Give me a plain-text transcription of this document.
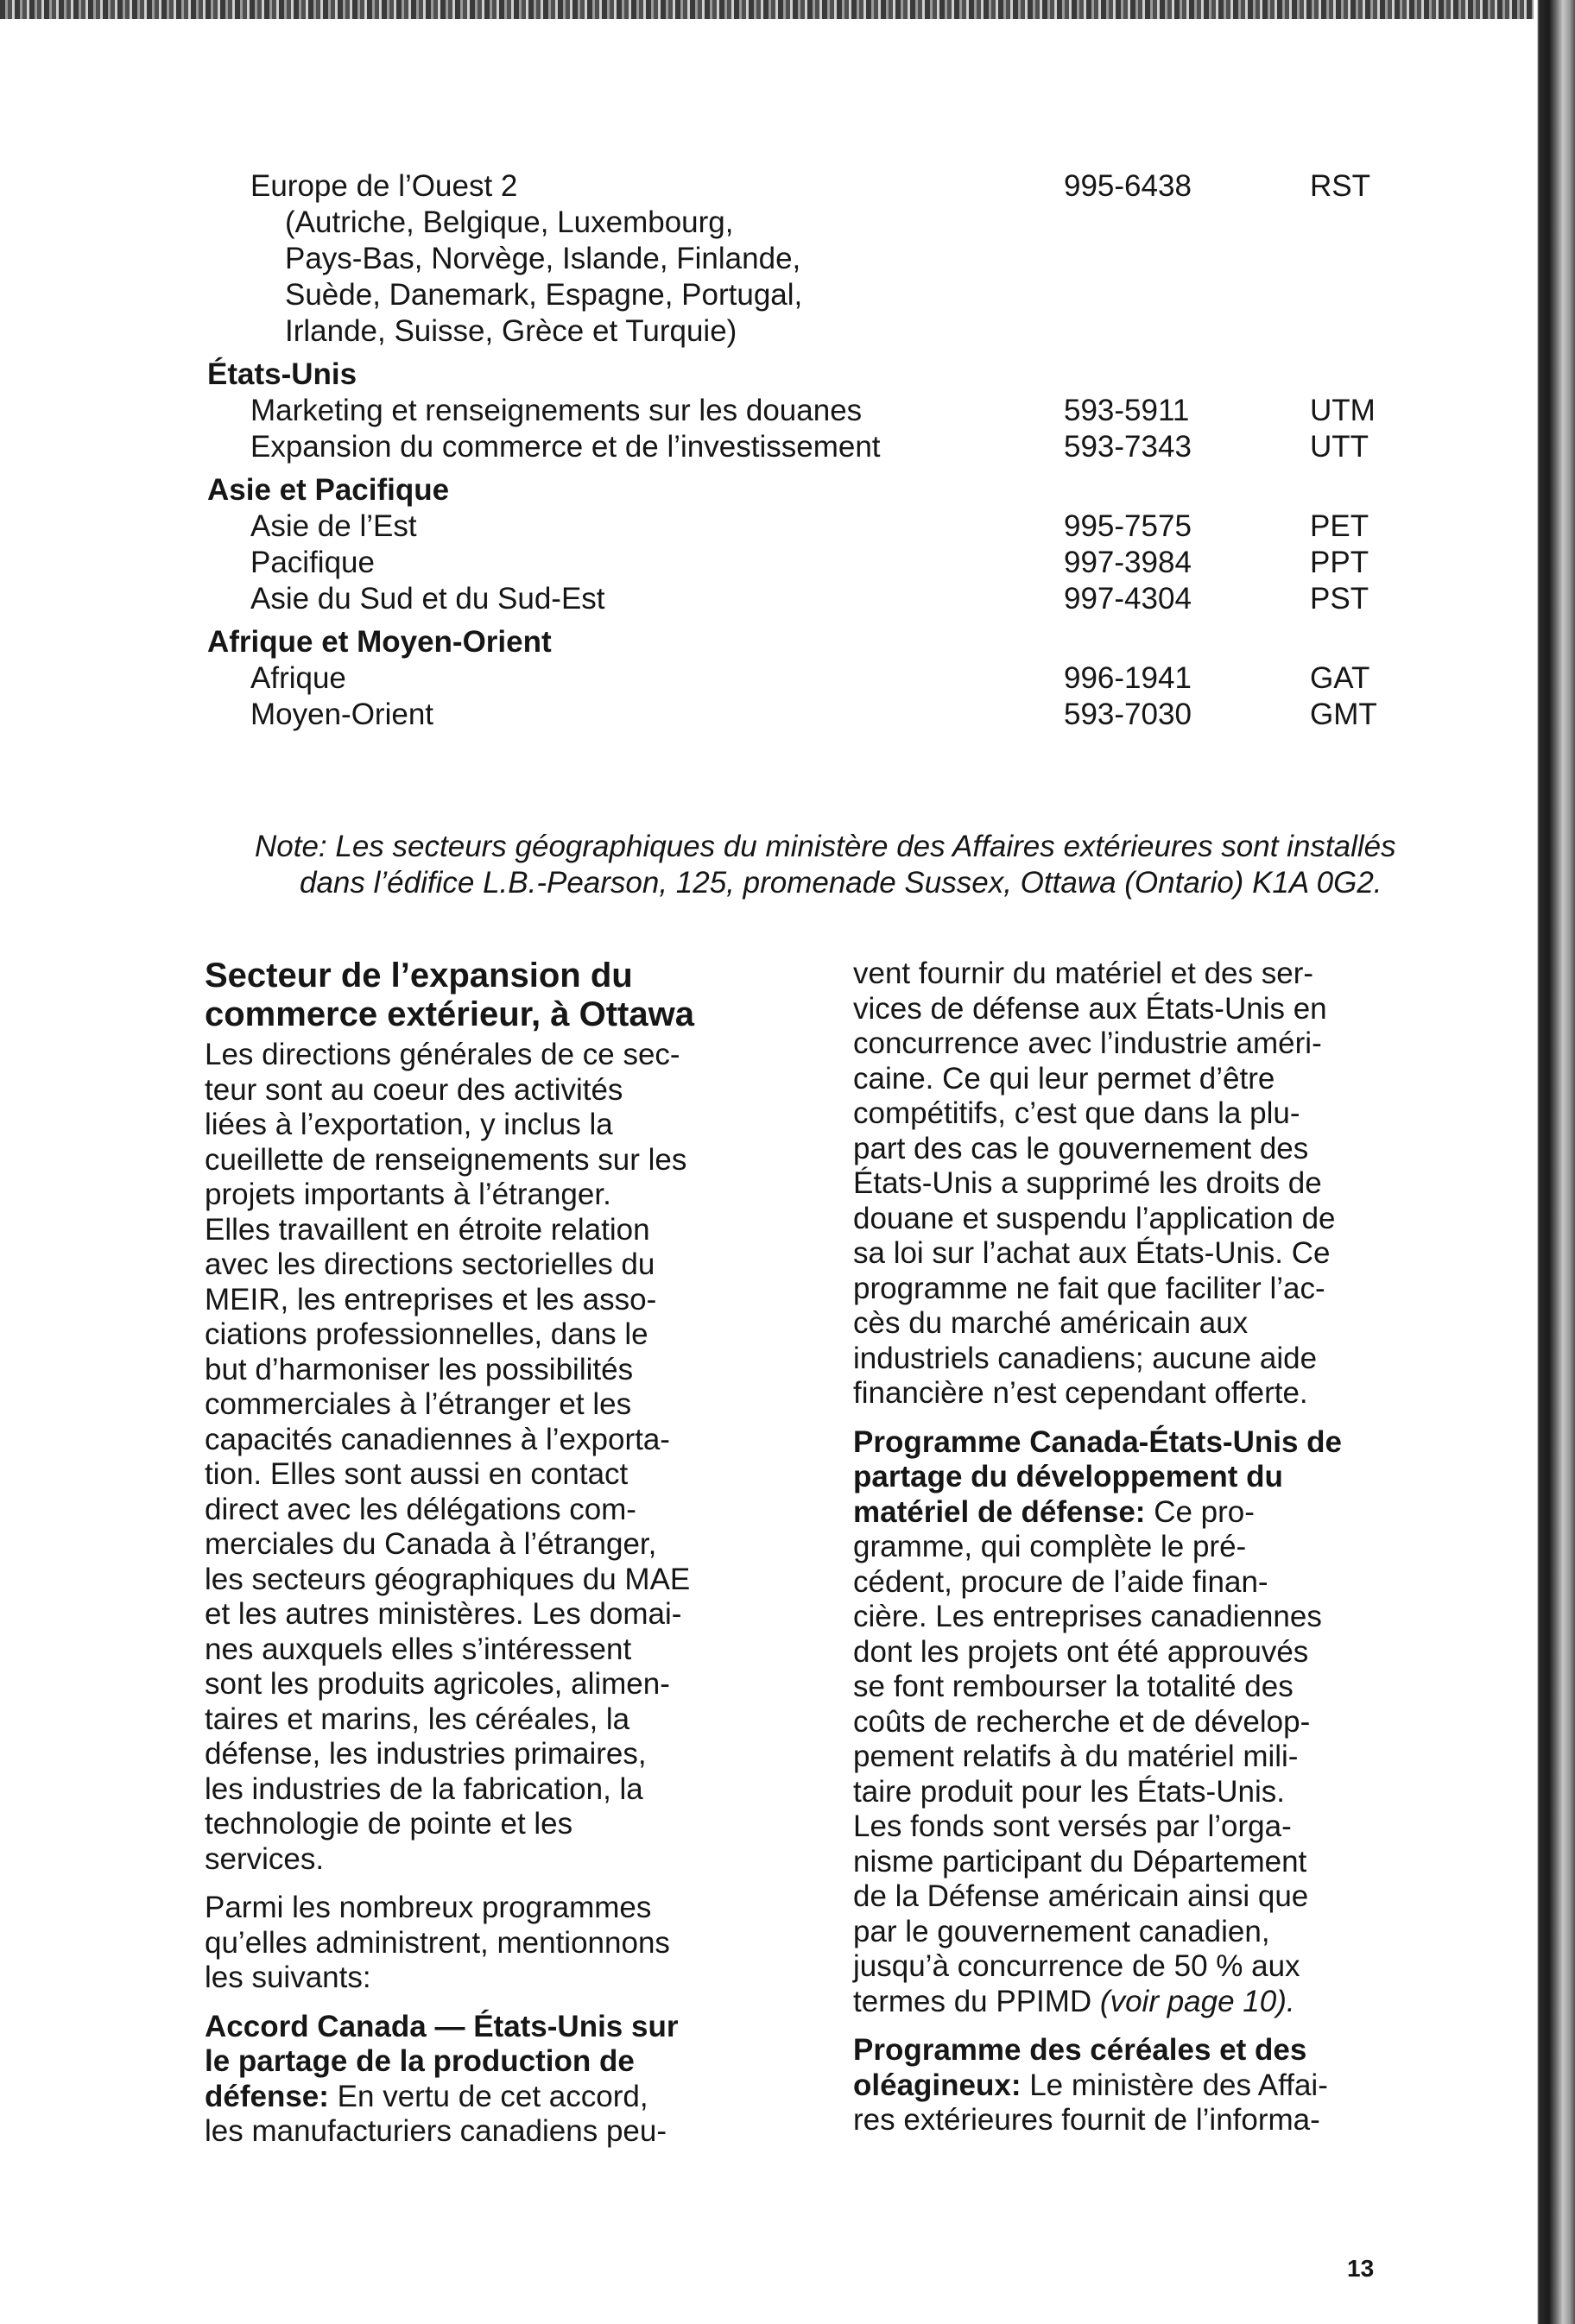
Europe de l’Ouest 2	995-6438	RST
(Autriche, Belgique, Luxembourg,
Pays-Bas, Norvège, Islande, Finlande,
Suède, Danemark, Espagne, Portugal,
Irlande, Suisse, Grèce et Turquie)
États-Unis
Marketing et renseignements sur les douanes	593-5911	UTM
Expansion du commerce et de l’investissement	593-7343	UTT
Asie et Pacifique
Asie de l’Est	995-7575	PET
Pacifique	997-3984	PPT
Asie du Sud et du Sud-Est	997-4304	PST
Afrique et Moyen-Orient
Afrique	996-1941	GAT
Moyen-Orient	593-7030	GMT
Note: Les secteurs géographiques du ministère des Affaires extérieures sont installés
dans l’édifice L.B.-Pearson, 125, promenade Sussex, Ottawa (Ontario) K1A 0G2.
Secteur de l’expansion du
commerce extérieur, à Ottawa

Les directions générales de ce sec-
teur sont au coeur des activités
liées à l’exportation, y inclus la
cueillette de renseignements sur les
projets importants à l’étranger.
Elles travaillent en étroite relation
avec les directions sectorielles du
MEIR, les entreprises et les asso-
ciations professionnelles, dans le
but d’harmoniser les possibilités
commerciales à l’étranger et les
capacités canadiennes à l’exporta-
tion. Elles sont aussi en contact
direct avec les délégations com-
merciales du Canada à l’étranger,
les secteurs géographiques du MAE
et les autres ministères. Les domai-
nes auxquels elles s’intéressent
sont les produits agricoles, alimen-
taires et marins, les céréales, la
défense, les industries primaires,
les industries de la fabrication, la
technologie de pointe et les
services.

Parmi les nombreux programmes
qu’elles administrent, mentionnons
les suivants:

Accord Canada — États-Unis sur
le partage de la production de
défense: En vertu de cet accord,
les manufacturiers canadiens peu-

vent fournir du matériel et des ser-
vices de défense aux États-Unis en
concurrence avec l’industrie améri-
caine. Ce qui leur permet d’être
compétitifs, c’est que dans la plu-
part des cas le gouvernement des
États-Unis a supprimé les droits de
douane et suspendu l’application de
sa loi sur l’achat aux États-Unis. Ce
programme ne fait que faciliter l’ac-
cès du marché américain aux
industriels canadiens; aucune aide
financière n’est cependant offerte.

Programme Canada-États-Unis de
partage du développement du
matériel de défense: Ce pro-
gramme, qui complète le pré-
cédent, procure de l’aide finan-
cière. Les entreprises canadiennes
dont les projets ont été approuvés
se font rembourser la totalité des
coûts de recherche et de dévelop-
pement relatifs à du matériel mili-
taire produit pour les États-Unis.
Les fonds sont versés par l’orga-
nisme participant du Département
de la Défense américain ainsi que
par le gouvernement canadien,
jusqu’à concurrence de 50 % aux
termes du PPIMD (voir page 10).

Programme des céréales et des
oléagineux: Le ministère des Affai-
res extérieures fournit de l’informa-

13
